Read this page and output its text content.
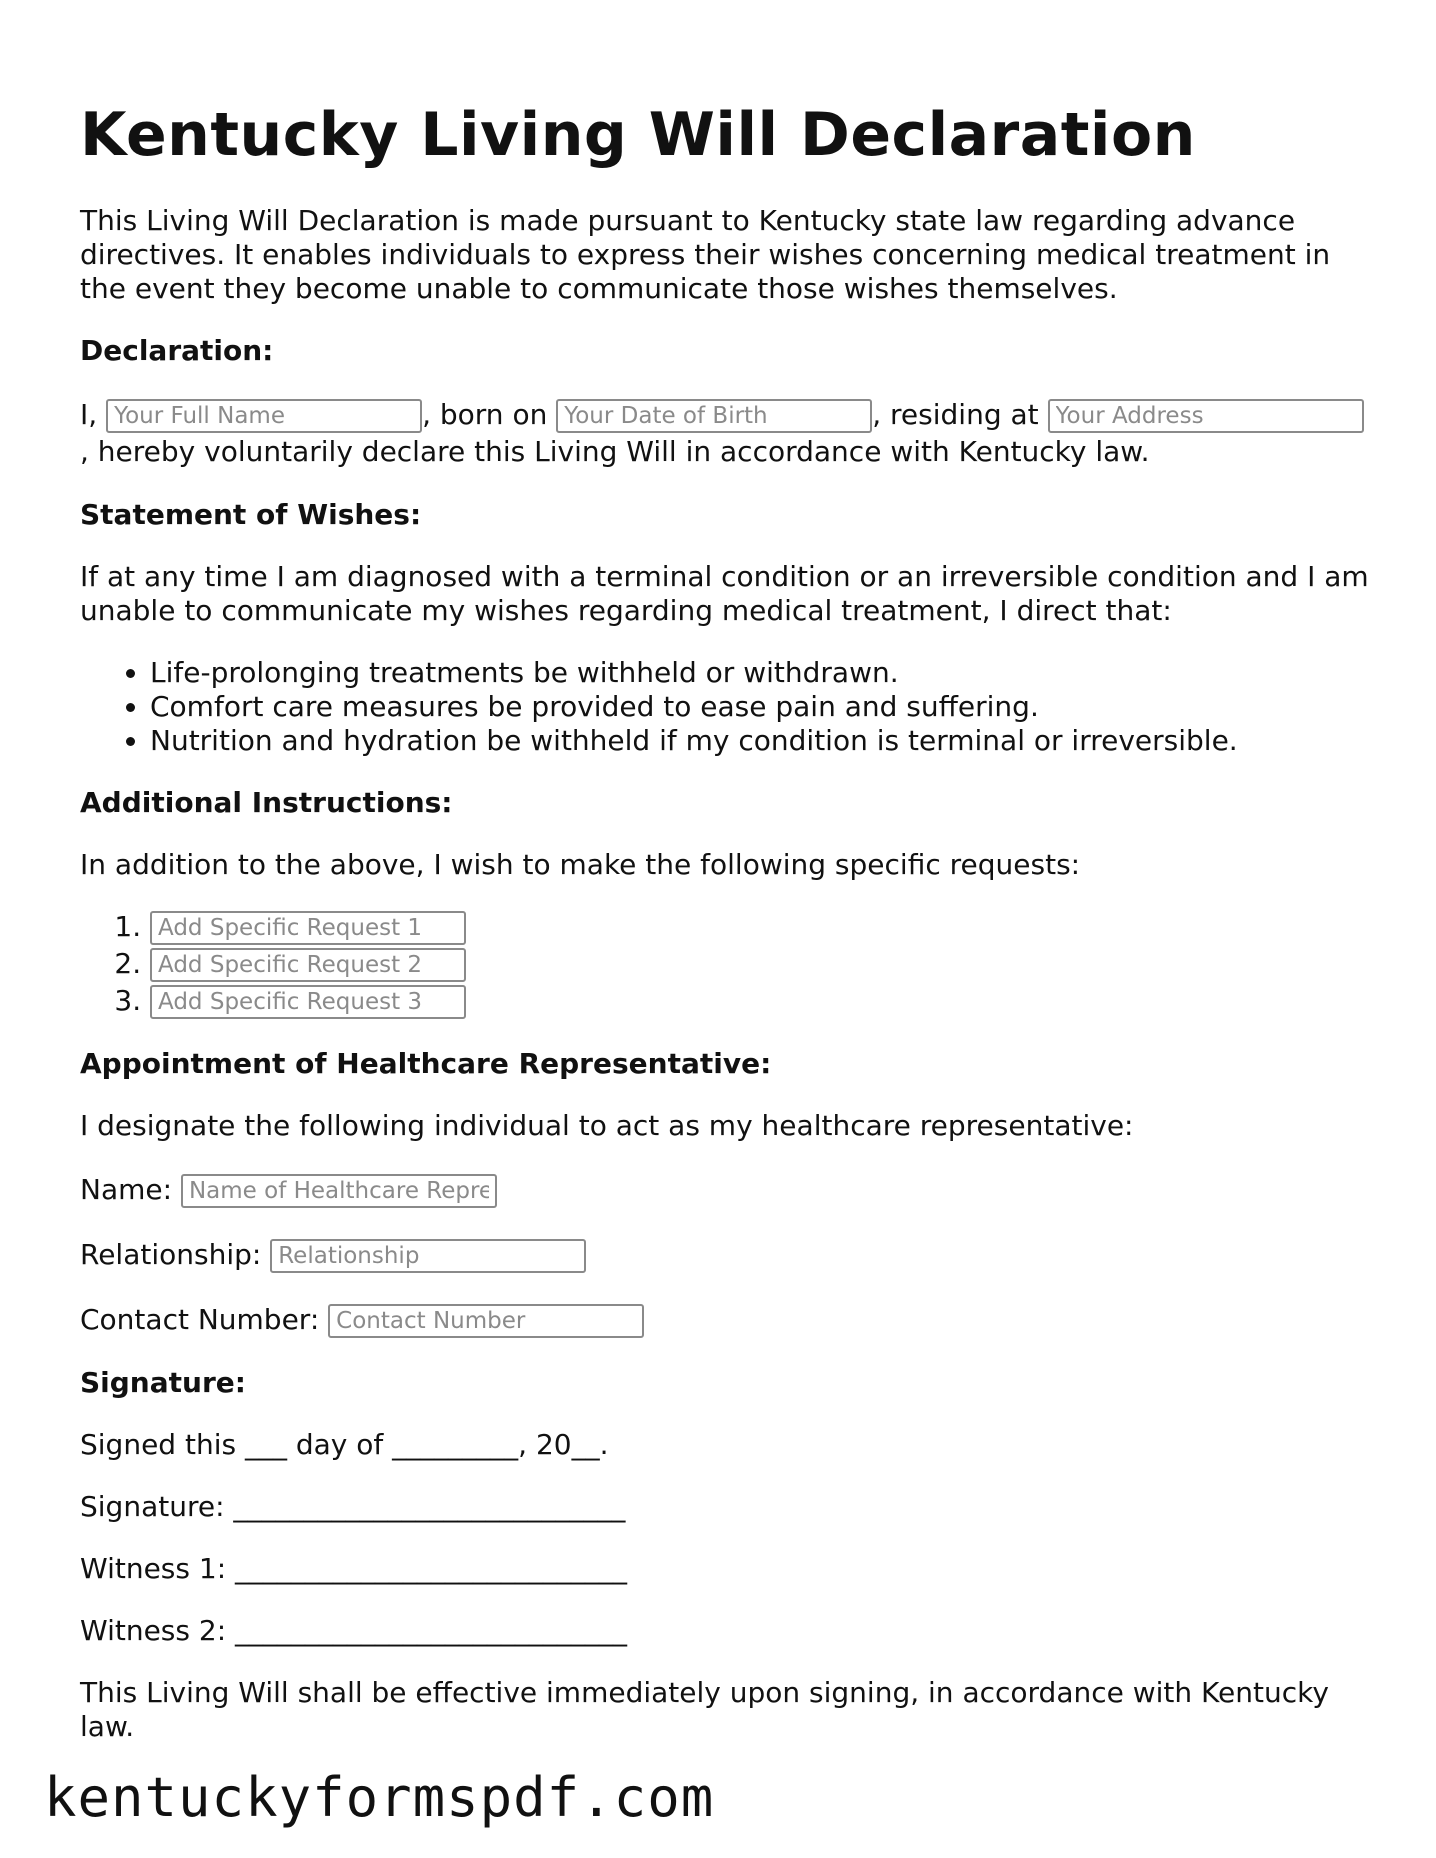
Kentucky Living Will Declaration

This Living Will Declaration is made pursuant to Kentucky state law regarding advance directives. It enables individuals to express their wishes concerning medical treatment in the event they become unable to communicate those wishes themselves.

Declaration:

I, Your Full Name	, born on Your Date of Birth	, residing at Your Address, hereby voluntarily declare this Living Will in accordance with Kentucky law.

Statement of Wishes:

If at any time I am diagnosed with a terminal condition or an irreversible condition and I am unable to communicate my wishes regarding medical treatment, I direct that:

• Life-prolonging treatments be withheld or withdrawn.
• Comfort care measures be provided to ease pain and suffering.
• Nutrition and hydration be withheld if my condition is terminal or irreversible.
Additional Instructions:

In addition to the above, I wish to make the following specific requests:

1. Add Specific Request 1
2. Add Specific Request 2
3. Add Specific Request 3
Appointment of Healthcare Representative:

I designate the following individual to act as my healthcare representative:

Name: Name of Healthcare Repre

Relationship: Relationship

Contact Number: Contact Number

Signature:

Signed this ___ day of _________, 20__.

Signature: ____________________________

Witness 1: ____________________________

Witness 2: ____________________________

This Living Will shall be effective immediately upon signing, in accordance with Kentucky law.

kentuckyformspdf.com
